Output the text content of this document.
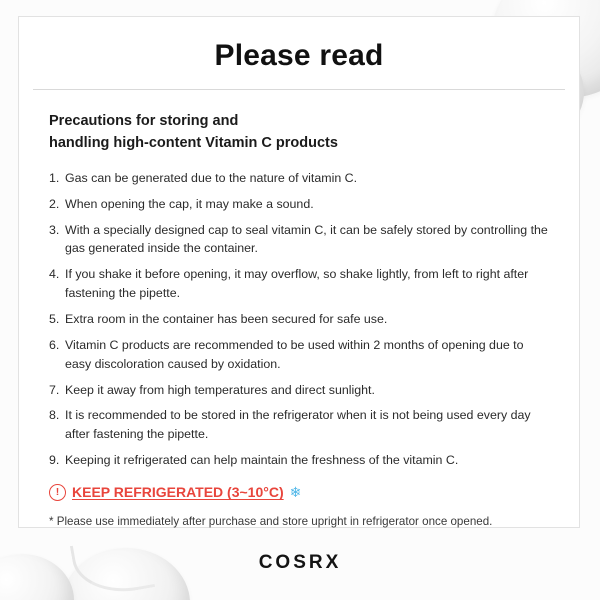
Please read
Precautions for storing and
handling high-content Vitamin C products
1. Gas can be generated due to the nature of vitamin C.
2. When opening the cap, it may make a sound.
3. With a specially designed cap to seal vitamin C, it can be safely stored by controlling the gas generated inside the container.
4. If you shake it before opening, it may overflow, so shake lightly, from left to right after fastening the pipette.
5. Extra room in the container has been secured for safe use.
6. Vitamin C products are recommended to be used within 2 months of opening due to easy discoloration caused by oxidation.
7. Keep it away from high temperatures and direct sunlight.
8. It is recommended to be stored in the refrigerator when it is not being used every day after fastening the pipette.
9. Keeping it refrigerated can help maintain the freshness of the vitamin C.
! KEEP REFRIGERATED (3~10°C) ❄
* Please use immediately after purchase and store upright in refrigerator once opened.
COSRX
